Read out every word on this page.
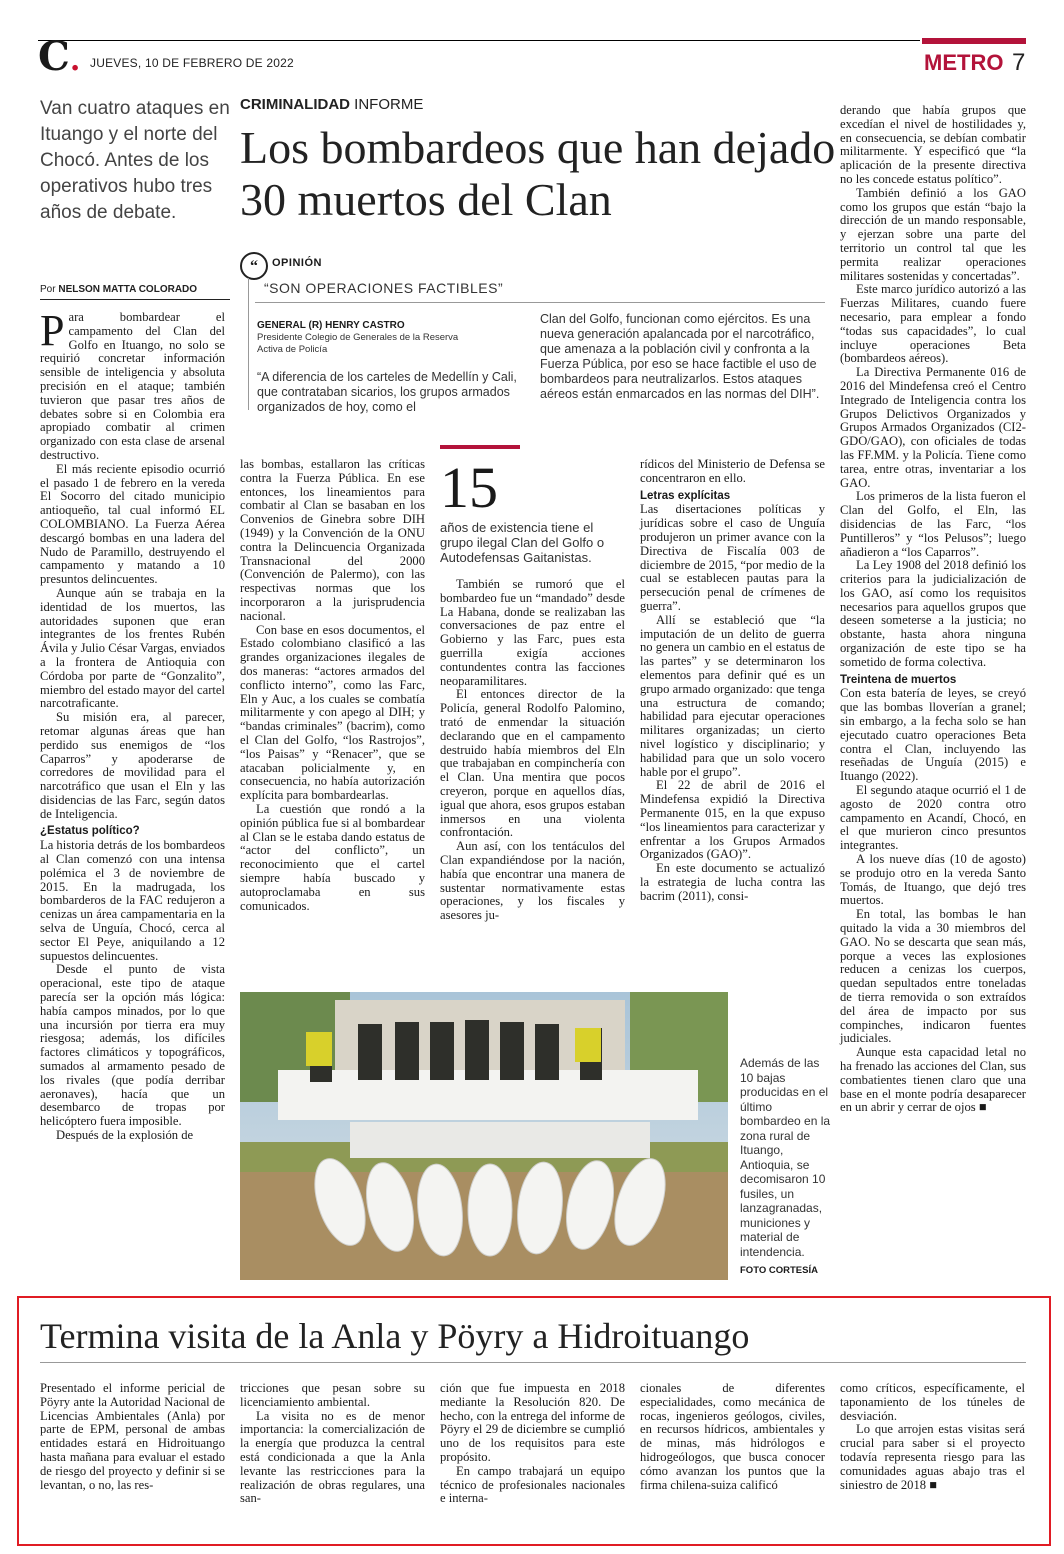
C. JUEVES, 10 DE FEBRERO DE 2022	METRO 7
Van cuatro ataques en Ituango y el norte del Chocó. Antes de los operativos hubo tres años de debate.
Por NELSON MATTA COLORADO
CRIMINALIDAD INFORME
Los bombardeos que han dejado 30 muertos del Clan
“	OPINIÓN
“SON OPERACIONES FACTIBLES”
GENERAL (R) HENRY CASTRO
Presidente Colegio de Generales de la Reserva
Activa de Policía
“A diferencia de los carteles de Medellín y Cali, que contrataban sicarios, los grupos armados organizados de hoy, como el
Clan del Golfo, funcionan como ejércitos. Es una nueva generación apalancada por el narcotráfico, que amenaza a la población civil y confronta a la Fuerza Pública, por eso se hace factible el uso de bombardeos para neutralizarlos. Estos ataques aéreos están enmarcados en las normas del DIH”.

Para bombardear el campamento del Clan del Golfo en Ituango, no solo se requirió concretar información sensible de inteligencia y absoluta precisión en el ataque; también tuvieron que pasar tres años de debates sobre si en Colombia era apropiado combatir al crimen organizado con esta clase de arsenal destructivo.

El más reciente episodio ocurrió el pasado 1 de febrero en la vereda El Socorro del citado municipio antioqueño, tal cual informó EL COLOMBIANO. La Fuerza Aérea descargó bombas en una ladera del Nudo de Paramillo, destruyendo el campamento y matando a 10 presuntos delincuentes.

Aunque aún se trabaja en la identidad de los muertos, las autoridades suponen que eran integrantes de los frentes Rubén Ávila y Julio César Vargas, enviados a la frontera de Antioquia con Córdoba por parte de “Gonzalito”, miembro del estado mayor del cartel narcotraficante.

Su misión era, al parecer, retomar algunas áreas que han perdido sus enemigos de “los Caparros” y apoderarse de corredores de movilidad para el narcotráfico que usan el Eln y las disidencias de las Farc, según datos de Inteligencia.

¿Estatus político?

La historia detrás de los bombardeos al Clan comenzó con una intensa polémica el 3 de noviembre de 2015. En la madrugada, los bombarderos de la FAC redujeron a cenizas un área campamentaria en la selva de Unguía, Chocó, cerca al sector El Peye, aniquilando a 12 supuestos delincuentes.

Desde el punto de vista operacional, este tipo de ataque parecía ser la opción más lógica: había campos minados, por lo que una incursión por tierra era muy riesgosa; además, los difíciles factores climáticos y topográficos, sumados al armamento pesado de los rivales (que podía derribar aeronaves), hacía que un desembarco de tropas por helicóptero fuera imposible.

Después de la explosión de

las bombas, estallaron las críticas contra la Fuerza Pública. En ese entonces, los lineamientos para combatir al Clan se basaban en los Convenios de Ginebra sobre DIH (1949) y la Convención de la ONU contra la Delincuencia Organizada Transnacional del 2000 (Convención de Palermo), con las respectivas normas que los incorporaron a la jurisprudencia nacional.

Con base en esos documentos, el Estado colombiano clasificó a las grandes organizaciones ilegales de dos maneras: “actores armados del conflicto interno”, como las Farc, Eln y Auc, a los cuales se combatía militarmente y con apego al DIH; y “bandas criminales” (bacrim), como el Clan del Golfo, “los Rastrojos”, “los Paisas” y “Renacer”, que se atacaban policialmente y, en consecuencia, no había autorización explícita para bombardearlas.

La cuestión que rondó a la opinión pública fue si al bombardear al Clan se le estaba dando estatus de “actor del conflicto”, un reconocimiento que el cartel siempre había buscado y autoproclamaba en sus comunicados.

15
años de existencia tiene el grupo ilegal Clan del Golfo o Autodefensas Gaitanistas.

También se rumoró que el bombardeo fue un “mandado” desde La Habana, donde se realizaban las conversaciones de paz entre el Gobierno y las Farc, pues esta guerrilla exigía acciones contundentes contra las facciones neoparamilitares.

El entonces director de la Policía, general Rodolfo Palomino, trató de enmendar la situación declarando que en el campamento destruido había miembros del Eln que trabajaban en compinchería con el Clan. Una mentira que pocos creyeron, porque en aquellos días, igual que ahora, esos grupos estaban inmersos en una violenta confrontación.

Aun así, con los tentáculos del Clan expandiéndose por la nación, había que encontrar una manera de sustentar normativamente estas operaciones, y los fiscales y asesores ju-

rídicos del Ministerio de Defensa se concentraron en ello.

Letras explícitas

Las disertaciones políticas y jurídicas sobre el caso de Unguía produjeron un primer avance con la Directiva de Fiscalía 003 de diciembre de 2015, “por medio de la cual se establecen pautas para la persecución penal de crímenes de guerra”.

Allí se estableció que “la imputación de un delito de guerra no genera un cambio en el estatus de las partes” y se determinaron los elementos para definir qué es un grupo armado organizado: que tenga una estructura de comando; habilidad para ejecutar operaciones militares organizadas; un cierto nivel logístico y disciplinario; y habilidad para que un solo vocero hable por el grupo”.

El 22 de abril de 2016 el Mindefensa expidió la Directiva Permanente 015, en la que expuso “los lineamientos para caracterizar y enfrentar a los Grupos Armados Organizados (GAO)”.

En este documento se actualizó la estrategia de lucha contra las bacrim (2011), consi-

derando que había grupos que excedían el nivel de hostilidades y, en consecuencia, se debían combatir militarmente. Y especificó que “la aplicación de la presente directiva no les concede estatus político”.

También definió a los GAO como los grupos que están “bajo la dirección de un mando responsable, y ejerzan sobre una parte del territorio un control tal que les permita realizar operaciones militares sostenidas y concertadas”.

Este marco jurídico autorizó a las Fuerzas Militares, cuando fuere necesario, para emplear a fondo “todas sus capacidades”, lo cual incluye operaciones Beta (bombardeos aéreos).

La Directiva Permanente 016 de 2016 del Mindefensa creó el Centro Integrado de Inteligencia contra los Grupos Delictivos Organizados y Grupos Armados Organizados (CI2-GDO/GAO), con oficiales de todas las FF.MM. y la Policía. Tiene como tarea, entre otras, inventariar a los GAO.

Los primeros de la lista fueron el Clan del Golfo, el Eln, las disidencias de las Farc, “los Puntilleros” y “los Pelusos”; luego añadieron a “los Caparros”.

La Ley 1908 del 2018 definió los criterios para la judicialización de los GAO, así como los requisitos necesarios para aquellos grupos que deseen someterse a la justicia; no obstante, hasta ahora ninguna organización de este tipo se ha sometido de forma colectiva.

Treintena de muertos

Con esta batería de leyes, se creyó que las bombas lloverían a granel; sin embargo, a la fecha solo se han ejecutado cuatro operaciones Beta contra el Clan, incluyendo las reseñadas de Unguía (2015) e Ituango (2022).

El segundo ataque ocurrió el 1 de agosto de 2020 contra otro campamento en Acandí, Chocó, en el que murieron cinco presuntos integrantes.

A los nueve días (10 de agosto) se produjo otro en la vereda Santo Tomás, de Ituango, que dejó tres muertos.

En total, las bombas le han quitado la vida a 30 miembros del GAO. No se descarta que sean más, porque a veces las explosiones reducen a cenizas los cuerpos, quedan sepultados entre toneladas de tierra removida o son extraídos del área de impacto por sus compinches, indicaron fuentes judiciales.

Aunque esta capacidad letal no ha frenado las acciones del Clan, sus combatientes tienen claro que una base en el monte podría desaparecer en un abrir y cerrar de ojos ■

Además de las 10 bajas producidas en el último bombardeo en la zona rural de Ituango, Antioquia, se decomisaron 10 fusiles, un lanzagranadas, municiones y material de intendencia.
FOTO CORTESÍA
Termina visita de la Anla y Pöyry a Hidroituango

Presentado el informe pericial de Pöyry ante la Autoridad Nacional de Licencias Ambientales (Anla) por parte de EPM, personal de ambas entidades estará en Hidroituango hasta mañana para evaluar el estado de riesgo del proyecto y definir si se levantan, o no, las res-

tricciones que pesan sobre su licenciamiento ambiental.

La visita no es de menor importancia: la comercialización de la energía que produzca la central está condicionada a que la Anla levante las restricciones para la realización de obras regulares, una san-

ción que fue impuesta en 2018 mediante la Resolución 820. De hecho, con la entrega del informe de Pöyry el 29 de diciembre se cumplió uno de los requisitos para este propósito.

En campo trabajará un equipo técnico de profesionales nacionales e interna-

cionales de diferentes especialidades, como mecánica de rocas, ingenieros geólogos, civiles, en recursos hídricos, ambientales y de minas, más hidrólogos e hidrogeólogos, que busca conocer cómo avanzan los puntos que la firma chilena-suiza calificó

como críticos, específicamente, el taponamiento de los túneles de desviación.

Lo que arrojen estas visitas será crucial para saber si el proyecto todavía representa riesgo para las comunidades aguas abajo tras el siniestro de 2018 ■
